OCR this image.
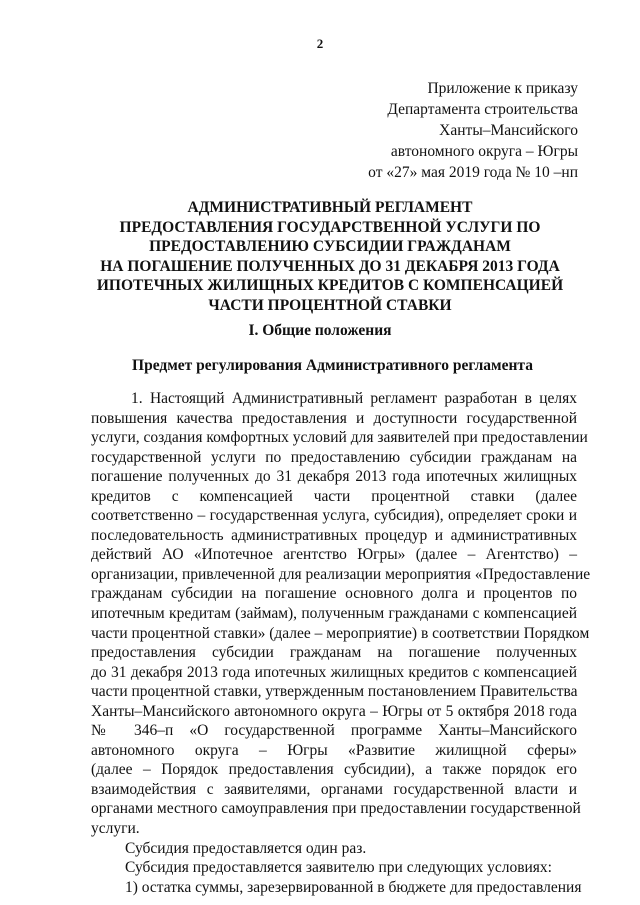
2
Приложение к приказу
Департамента строительства
Ханты–Мансийского
автономного округа – Югры
от «27» мая 2019 года № 10 –нп
АДМИНИСТРАТИВНЫЙ РЕГЛАМЕНТ
ПРЕДОСТАВЛЕНИЯ ГОСУДАРСТВЕННОЙ УСЛУГИ ПО
ПРЕДОСТАВЛЕНИЮ СУБСИДИИ ГРАЖДАНАМ
НА ПОГАШЕНИЕ ПОЛУЧЕННЫХ ДО 31 ДЕКАБРЯ 2013 ГОДА
ИПОТЕЧНЫХ ЖИЛИЩНЫХ КРЕДИТОВ С КОМПЕНСАЦИЕЙ
ЧАСТИ ПРОЦЕНТНОЙ СТАВКИ
I. Общие положения
Предмет регулирования Административного регламента
1. Настоящий Административный регламент разработан в целях
повышения качества предоставления и доступности государственной
услуги, создания комфортных условий для заявителей при предоставлении
государственной услуги по предоставлению субсидии гражданам на
погашение полученных до 31 декабря 2013 года ипотечных жилищных
кредитов с компенсацией части процентной ставки (далее
соответственно – государственная услуга, субсидия), определяет сроки и
последовательность административных процедур и административных
действий АО «Ипотечное агентство Югры» (далее – Агентство) –
организации, привлеченной для реализации мероприятия «Предоставление
гражданам субсидии на погашение основного долга и процентов по
ипотечным кредитам (займам), полученным гражданами с компенсацией
части процентной ставки» (далее – мероприятие) в соответствии Порядком
предоставления субсидии гражданам на погашение полученных
до 31 декабря 2013 года ипотечных жилищных кредитов с компенсацией
части процентной ставки, утвержденным постановлением Правительства
Ханты–Мансийского автономного округа – Югры от 5 октября 2018 года
№ 346–п «О государственной программе Ханты–Мансийского
автономного округа – Югры «Развитие жилищной сферы»
(далее – Порядок предоставления субсидии), а также порядок его
взаимодействия с заявителями, органами государственной власти и
органами местного самоуправления при предоставлении государственной
услуги.
Субсидия предоставляется один раз.
Субсидия предоставляется заявителю при следующих условиях:
1) остатка суммы, зарезервированной в бюджете для предоставления
